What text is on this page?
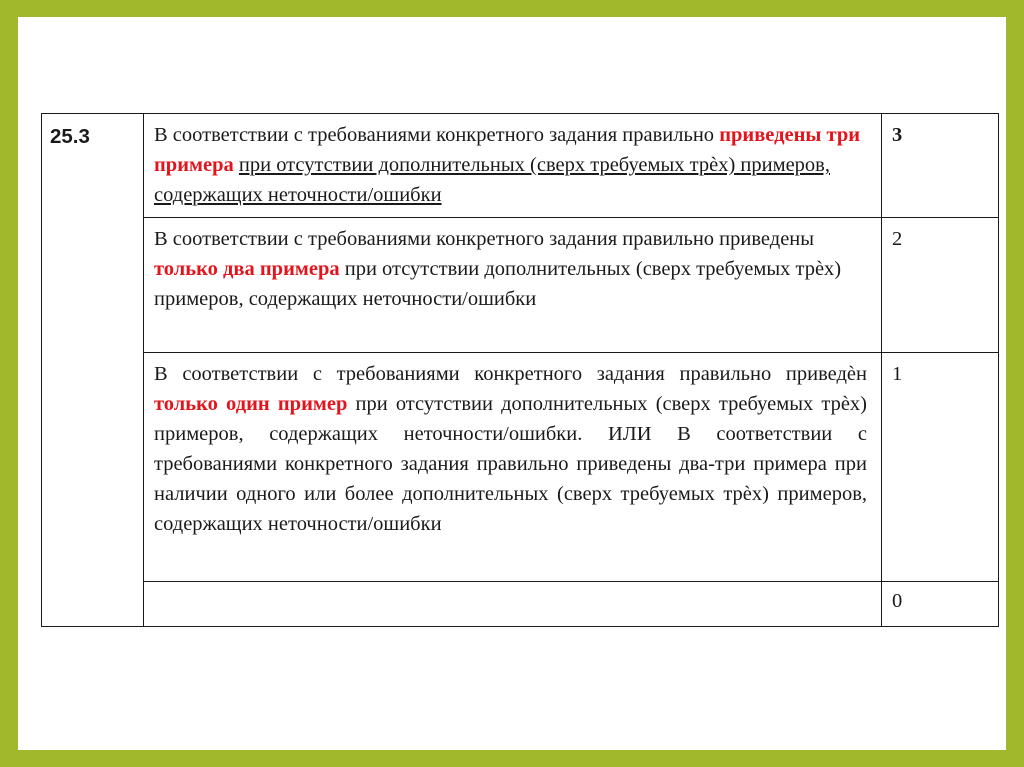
25.3	В соответствии с требованиями конкретного задания правильно приведены три примера при отсутствии дополнительных (сверх требуемых трѐх) примеров, содержащих неточности/ошибки	3
	В соответствии с требованиями конкретного задания правильно приведены только два примера при отсутствии дополнительных (сверх требуемых трѐх) примеров, содержащих неточности/ошибки	2
	В соответствии с требованиями конкретного задания правильно приведѐн только один пример при отсутствии дополнительных (сверх требуемых трѐх) примеров, содержащих неточности/ошибки. ИЛИ В соответствии с требованиями конкретного задания правильно приведены два-три примера при наличии одного или более дополнительных (сверх требуемых трѐх) примеров, содержащих неточности/ошибки	1
		0
